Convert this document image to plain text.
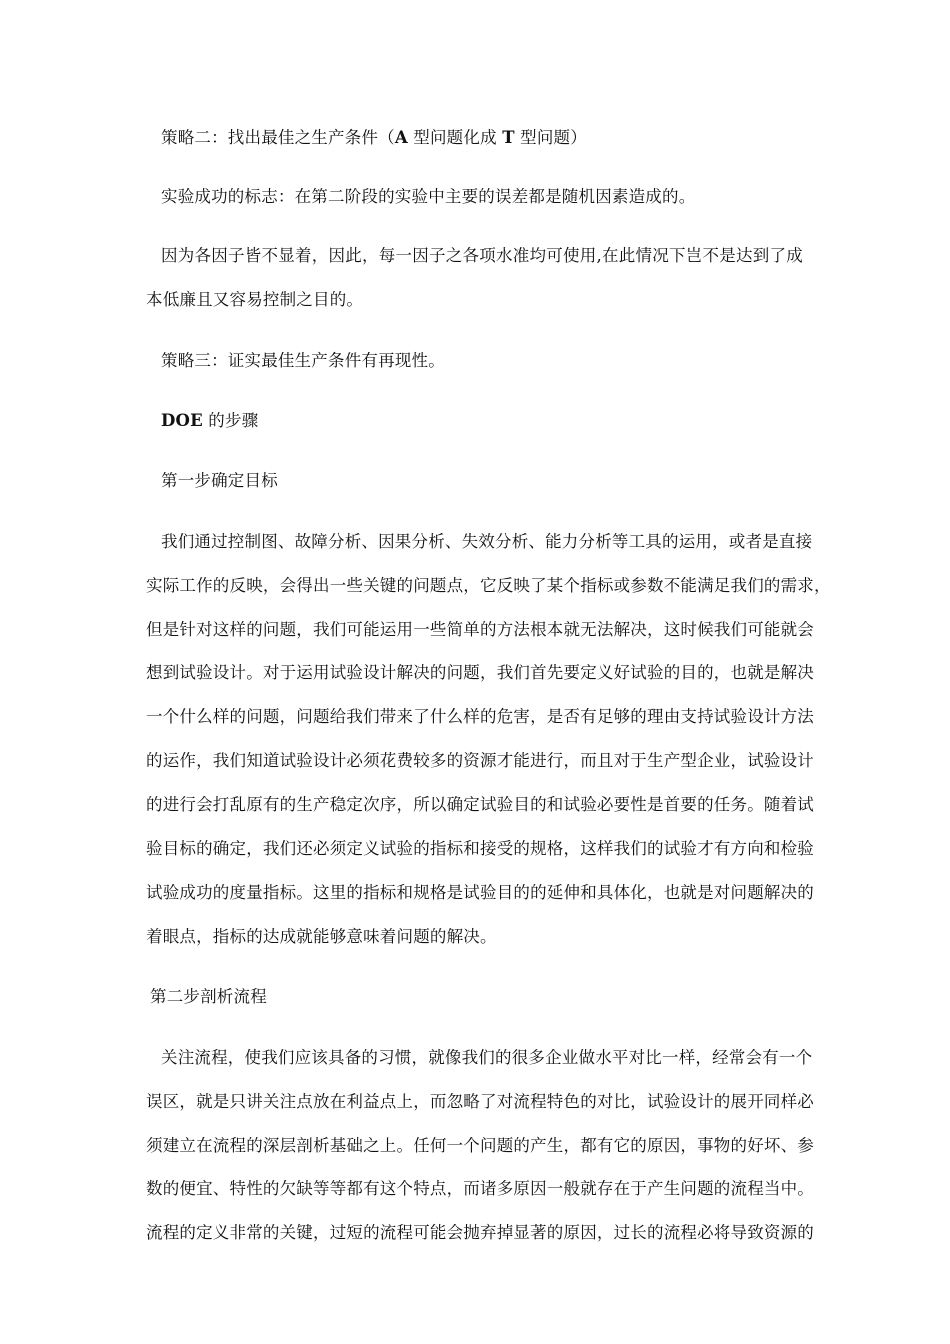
策略二：找出最佳之生产条件（A 型问题化成 T 型问题）
实验成功的标志：在第二阶段的实验中主要的误差都是随机因素造成的。
因为各因子皆不显着，因此，每一因子之各项水准均可使用,在此情况下岂不是达到了成
本低廉且又容易控制之目的。
策略三：证实最佳生产条件有再现性。
DOE 的步骤
第一步确定目标
我们通过控制图、故障分析、因果分析、失效分析、能力分析等工具的运用，或者是直接
实际工作的反映，会得出一些关键的问题点，它反映了某个指标或参数不能满足我们的需求，
但是针对这样的问题，我们可能运用一些简单的方法根本就无法解决，这时候我们可能就会
想到试验设计。对于运用试验设计解决的问题，我们首先要定义好试验的目的，也就是解决
一个什么样的问题，问题给我们带来了什么样的危害，是否有足够的理由支持试验设计方法
的运作，我们知道试验设计必须花费较多的资源才能进行，而且对于生产型企业，试验设计
的进行会打乱原有的生产稳定次序，所以确定试验目的和试验必要性是首要的任务。随着试
验目标的确定，我们还必须定义试验的指标和接受的规格，这样我们的试验才有方向和检验
试验成功的度量指标。这里的指标和规格是试验目的的延伸和具体化，也就是对问题解决的
着眼点，指标的达成就能够意味着问题的解决。
第二步剖析流程
关注流程，使我们应该具备的习惯，就像我们的很多企业做水平对比一样，经常会有一个
误区，就是只讲关注点放在利益点上，而忽略了对流程特色的对比，试验设计的展开同样必
须建立在流程的深层剖析基础之上。任何一个问题的产生，都有它的原因，事物的好坏、参
数的便宜、特性的欠缺等等都有这个特点，而诸多原因一般就存在于产生问题的流程当中。
流程的定义非常的关键，过短的流程可能会抛弃掉显著的原因，过长的流程必将导致资源的
